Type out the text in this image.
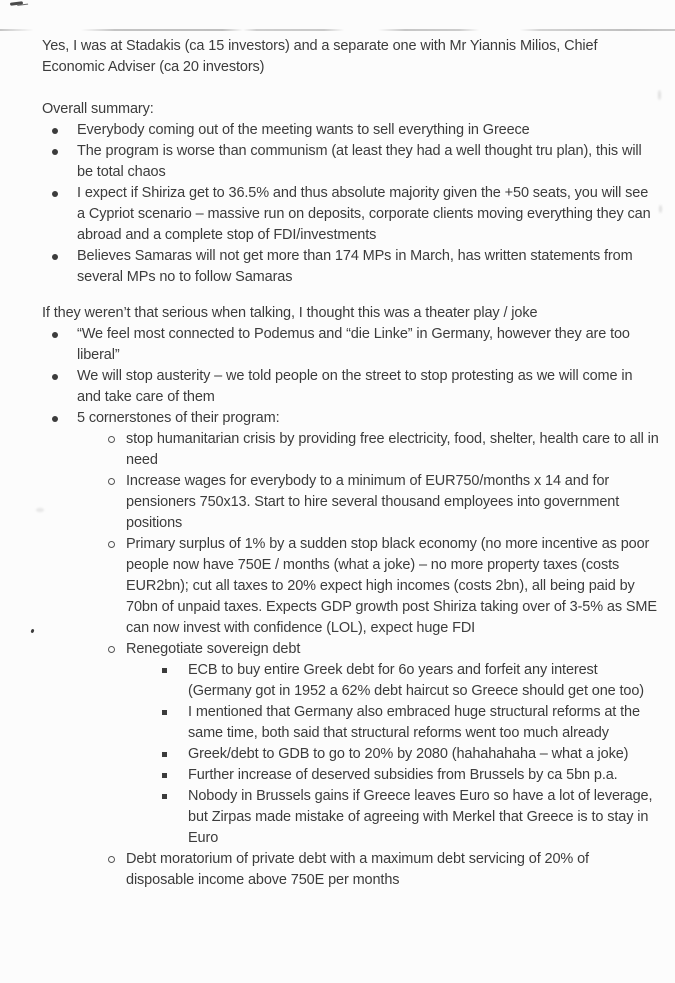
Yes, I was at Stadakis (ca 15 investors) and a separate one with Mr Yiannis Milios, Chief Economic Adviser (ca 20 investors)

Overall summary:

Everybody coming out of the meeting wants to sell everything in Greece
The program is worse than communism (at least they had a well thought tru plan), this will be total chaos
I expect if Shiriza get to 36.5% and thus absolute majority given the +50 seats, you will see a Cypriot scenario – massive run on deposits, corporate clients moving everything they can abroad and a complete stop of FDI/investments
Believes Samaras will not get more than 174 MPs in March, has written statements from several MPs no to follow Samaras

If they weren’t that serious when talking, I thought this was a theater play / joke

“We feel most connected to Podemus and “die Linke” in Germany, however they are too liberal”
We will stop austerity – we told people on the street to stop protesting as we will come in and take care of them
5 cornerstones of their program:
stop humanitarian crisis by providing free electricity, food, shelter, health care to all in need
Increase wages for everybody to a minimum of EUR750/months x 14 and for pensioners 750x13. Start to hire several thousand employees into government positions
Primary surplus of 1% by a sudden stop black economy (no more incentive as poor people now have 750E / months (what a joke) – no more property taxes (costs EUR2bn); cut all taxes to 20% expect high incomes (costs 2bn), all being paid by 70bn of unpaid taxes. Expects GDP growth post Shiriza taking over of 3-5% as SME can now invest with confidence (LOL), expect huge FDI
Renegotiate sovereign debt
ECB to buy entire Greek debt for 6o years and forfeit any interest (Germany got in 1952 a 62% debt haircut so Greece should get one too)
I mentioned that Germany also embraced huge structural reforms at the same time, both said that structural reforms went too much already
Greek/debt to GDB to go to 20% by 2080 (hahahahaha – what a joke)
Further increase of deserved subsidies from Brussels by ca 5bn p.a.
Nobody in Brussels gains if Greece leaves Euro so have a lot of leverage, but Zirpas made mistake of agreeing with Merkel that Greece is to stay in Euro
Debt moratorium of private debt with a maximum debt servicing of 20% of disposable income above 750E per months
